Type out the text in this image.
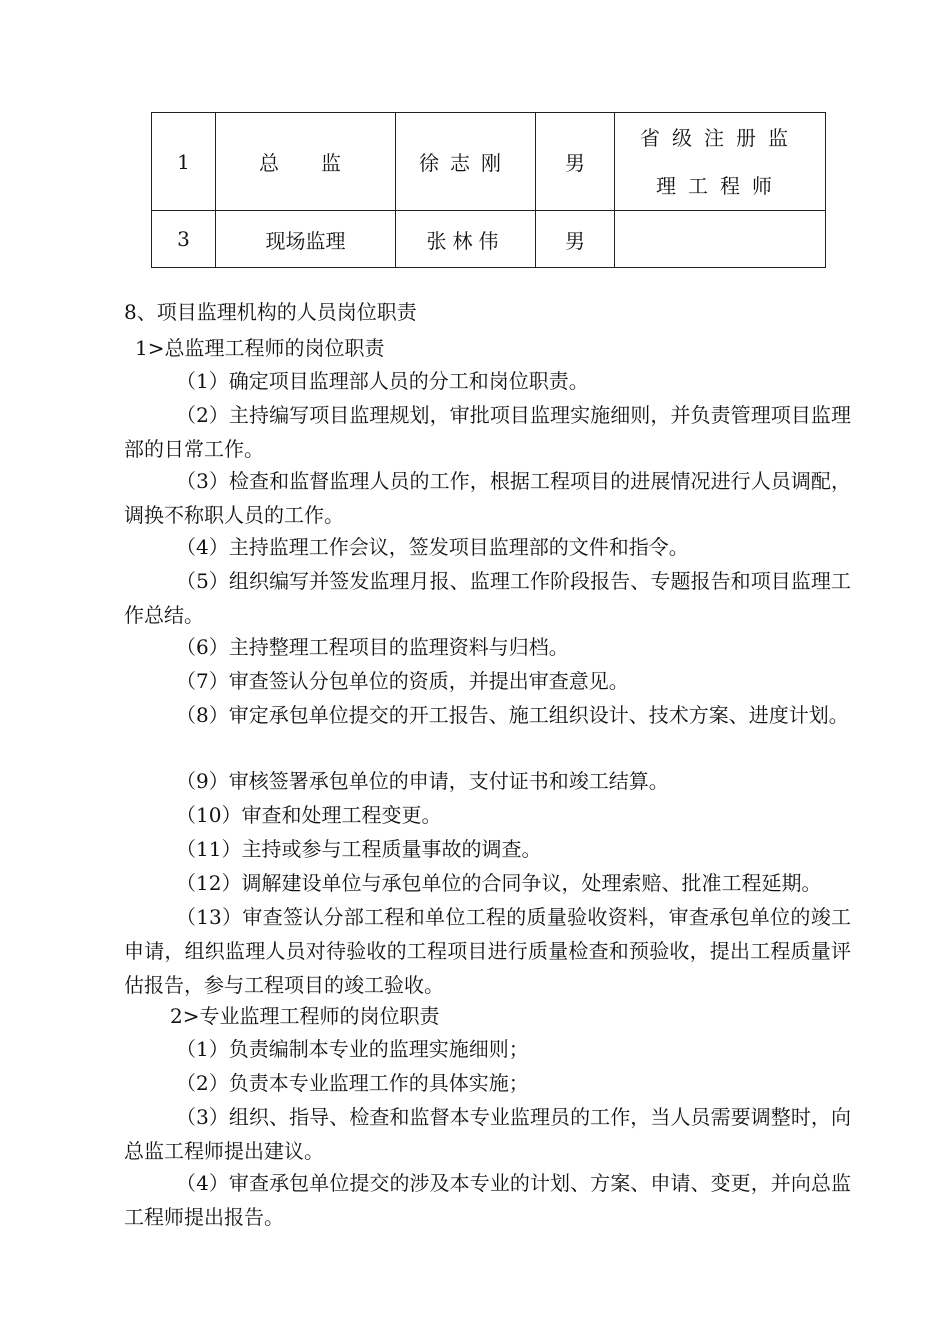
1	总　监	徐志刚	男	省级注册监
理工程师

3	现场监理	张林伟	男	
8、项目监理机构的人员岗位职责
1>总监理工程师的岗位职责
（1）确定项目监理部人员的分工和岗位职责。
（2）主持编写项目监理规划，审批项目监理实施细则，并负责管理项目监理部的日常工作。
（3）检查和监督监理人员的工作，根据工程项目的进展情况进行人员调配，调换不称职人员的工作。
（4）主持监理工作会议，签发项目监理部的文件和指令。
（5）组织编写并签发监理月报、监理工作阶段报告、专题报告和项目监理工作总结。
（6）主持整理工程项目的监理资料与归档。
（7）审查签认分包单位的资质，并提出审查意见。
（8）审定承包单位提交的开工报告、施工组织设计、技术方案、进度计划。
（9）审核签署承包单位的申请，支付证书和竣工结算。
（10）审查和处理工程变更。
（11）主持或参与工程质量事故的调查。
（12）调解建设单位与承包单位的合同争议，处理索赔、批准工程延期。
（13）审查签认分部工程和单位工程的质量验收资料，审查承包单位的竣工申请，组织监理人员对待验收的工程项目进行质量检查和预验收，提出工程质量评估报告，参与工程项目的竣工验收。
2>专业监理工程师的岗位职责
（1）负责编制本专业的监理实施细则；
（2）负责本专业监理工作的具体实施；
（3）组织、指导、检查和监督本专业监理员的工作，当人员需要调整时，向总监工程师提出建议。
（4）审查承包单位提交的涉及本专业的计划、方案、申请、变更，并向总监工程师提出报告。
